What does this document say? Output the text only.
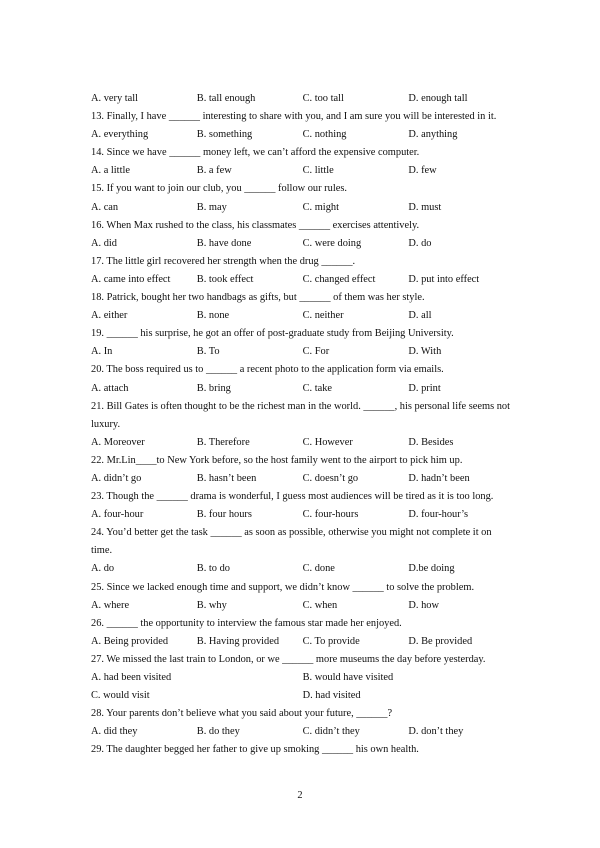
A. very tall	B. tall enough	C. too tall	D. enough tall
13. Finally, I have ______ interesting to share with you, and I am sure you will be interested in it.
A. everything	B. something	C. nothing	D. anything
14. Since we have ______ money left, we can’t afford the expensive computer.
A. a little	B. a few	C. little	D. few
15. If you want to join our club, you ______ follow our rules.
A. can	B. may	C. might	D. must
16. When Max rushed to the class, his classmates ______ exercises attentively.
A. did	B. have done	C. were doing	D. do
17. The little girl recovered her strength when the drug ______.
A. came into effect	B. took effect	C. changed effect	D. put into effect
18. Patrick, bought her two handbags as gifts, but ______ of them was her style.
A. either	B. none	C. neither	D. all
19. ______ his surprise, he got an offer of post-graduate study from Beijing University.
A. In	B. To	C. For	D. With
20. The boss required us to ______ a recent photo to the application form via emails.
A. attach	B. bring	C. take	D. print
21. Bill Gates is often thought to be the richest man in the world. ______, his personal life seems not luxury.
A. Moreover	B. Therefore	C. However	D. Besides
22. Mr.Lin____to New York before, so the host family went to the airport to pick him up.
A. didn’t go	B. hasn’t been	C. doesn’t go	D. hadn’t been
23. Though the ______ drama is wonderful, I guess most audiences will be tired as it is too long.
A. four-hour	B. four hours	C. four-hours	D. four-hour’s
24. You’d better get the task ______ as soon as possible, otherwise you might not complete it on time.
A. do	B. to do	C. done	D.be doing
25. Since we lacked enough time and support, we didn’t know ______ to solve the problem.
A. where	B. why	C. when	D. how
26. ______ the opportunity to interview the famous star made her enjoyed.
A. Being provided	B. Having provided	C. To provide	D. Be provided
27. We missed the last train to London, or we ______ more museums the day before yesterday.
A. had been visited	B. would have visited
C. would visit	D. had visited
28. Your parents don’t believe what you said about your future, ______?
A. did they	B. do they	C. didn’t they	D. don’t they
29. The daughter begged her father to give up smoking ______ his own health.
2
